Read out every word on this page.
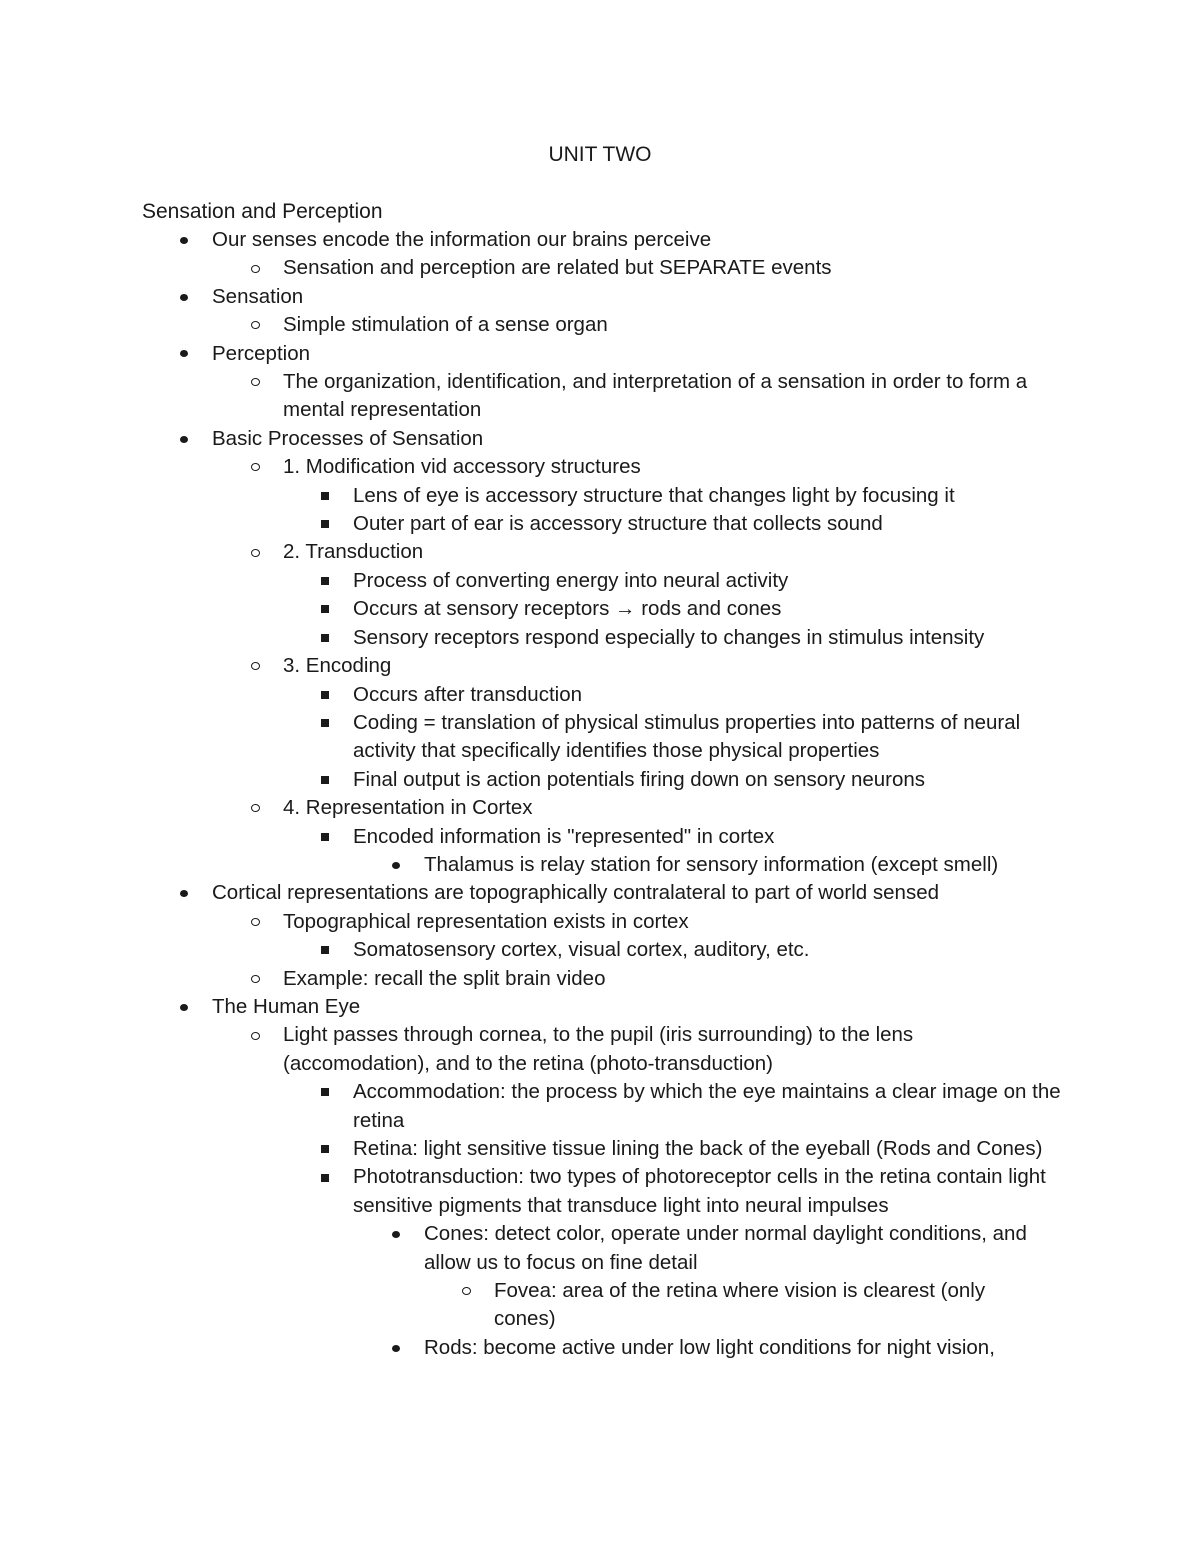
UNIT TWO
Sensation and Perception
Our senses encode the information our brains perceive
Sensation and perception are related but SEPARATE events
Sensation
Simple stimulation of a sense organ
Perception
The organization, identification, and interpretation of a sensation in order to form a mental representation
Basic Processes of Sensation
1. Modification vid accessory structures
Lens of eye is accessory structure that changes light by focusing it
Outer part of ear is accessory structure that collects sound
2. Transduction
Process of converting energy into neural activity
Occurs at sensory receptors → rods and cones
Sensory receptors respond especially to changes in stimulus intensity
3. Encoding
Occurs after transduction
Coding = translation of physical stimulus properties into patterns of neural activity that specifically identifies those physical properties
Final output is action potentials firing down on sensory neurons
4. Representation in Cortex
Encoded information is "represented" in cortex
Thalamus is relay station for sensory information (except smell)
Cortical representations are topographically contralateral to part of world sensed
Topographical representation exists in cortex
Somatosensory cortex, visual cortex, auditory, etc.
Example: recall the split brain video
The Human Eye
Light passes through cornea, to the pupil (iris surrounding) to the lens (accomodation), and to the retina (photo-transduction)
Accommodation: the process by which the eye maintains a clear image on the retina
Retina: light sensitive tissue lining the back of the eyeball (Rods and Cones)
Phototransduction: two types of photoreceptor cells in the retina contain light sensitive pigments that transduce light into neural impulses
Cones: detect color, operate under normal daylight conditions, and allow us to focus on fine detail
Fovea: area of the retina where vision is clearest (only cones)
Rods: become active under low light conditions for night vision,
